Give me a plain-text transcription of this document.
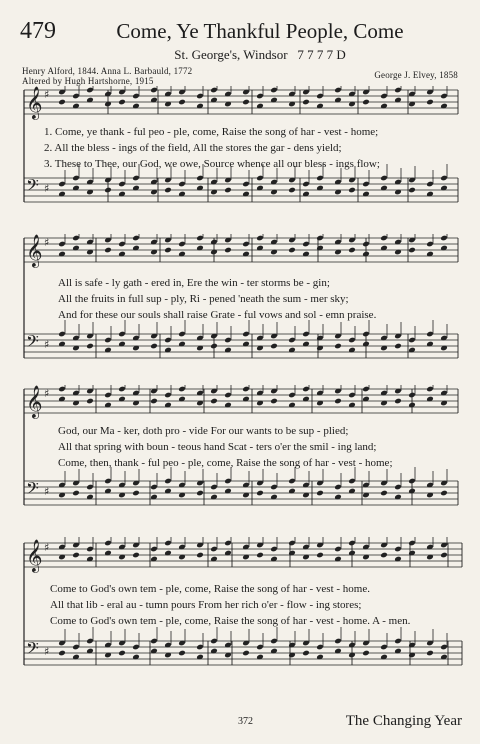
479	Come, Ye Thankful People, Come
St. George's, Windsor 7 7 7 7 D
Henry Alford, 1844. Anna L. Barbauld, 1772
Altered by Hugh Hartshorne, 1915
George J. Elvey, 1858
𝄞 ♯
𝄢 ♯
1. Come, ye thank - ful peo - ple, come, Raise the song of har - vest - home;
2. All the bless - ings of the field, All the stores the gar - dens yield;
3. These to Thee, our God, we owe, Source whence all our bless - ings flow;
𝄞 ♯
𝄢 ♯
All is safe - ly gath - ered in, Ere the win - ter storms be - gin;
All the fruits in full sup - ply, Ri - pened 'neath the sum - mer sky;
And for these our souls shall raise Grate - ful vows and sol - emn praise.
𝄞 ♯
𝄢 ♯
God, our Ma - ker, doth pro - vide For our wants to be sup - plied;
All that spring with boun - teous hand Scat - ters o'er the smil - ing land;
Come, then, thank - ful peo - ple, come, Raise the song of har - vest - home;
𝄞 ♯
𝄢 ♯
Come to God's own tem - ple, come, Raise the song of har - vest - home.
All that lib - eral au - tumn pours From her rich o'er - flow - ing stores;
Come to God's own tem - ple, come, Raise the song of har - vest - home. A - men.
372	The Changing Year
